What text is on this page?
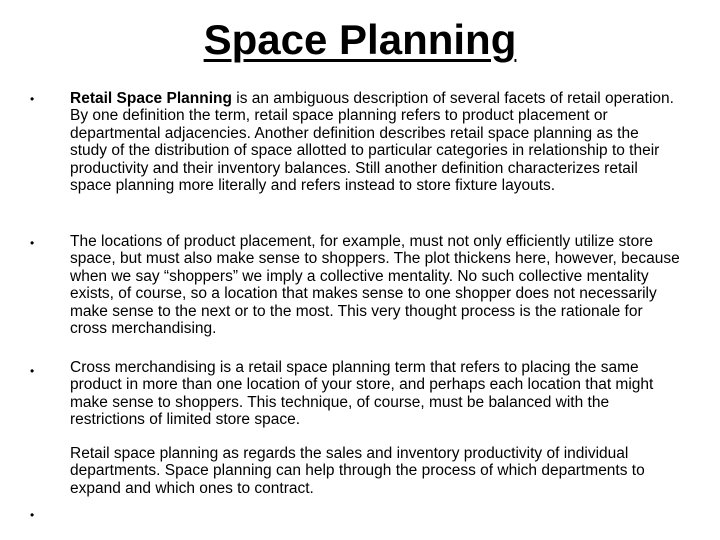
Space Planning
• Retail Space Planning is an ambiguous description of several facets of retail operation. By one definition the term, retail space planning refers to product placement or departmental adjacencies. Another definition describes retail space planning as the study of the distribution of space allotted to particular categories in relationship to their productivity and their inventory balances. Still another definition characterizes retail space planning more literally and refers instead to store fixture layouts.
• The locations of product placement, for example, must not only efficiently utilize store space, but must also make sense to shoppers. The plot thickens here, however, because when we say “shoppers” we imply a collective mentality. No such collective mentality exists, of course, so a location that makes sense to one shopper does not necessarily make sense to the next or to the most. This very thought process is the rationale for cross merchandising.
• Cross merchandising is a retail space planning term that refers to placing the same product in more than one location of your store, and perhaps each location that might make sense to shoppers. This technique, of course, must be balanced with the restrictions of limited store space.
Retail space planning as regards the sales and inventory productivity of individual departments. Space planning can help through the process of which departments to expand and which ones to contract.
•
